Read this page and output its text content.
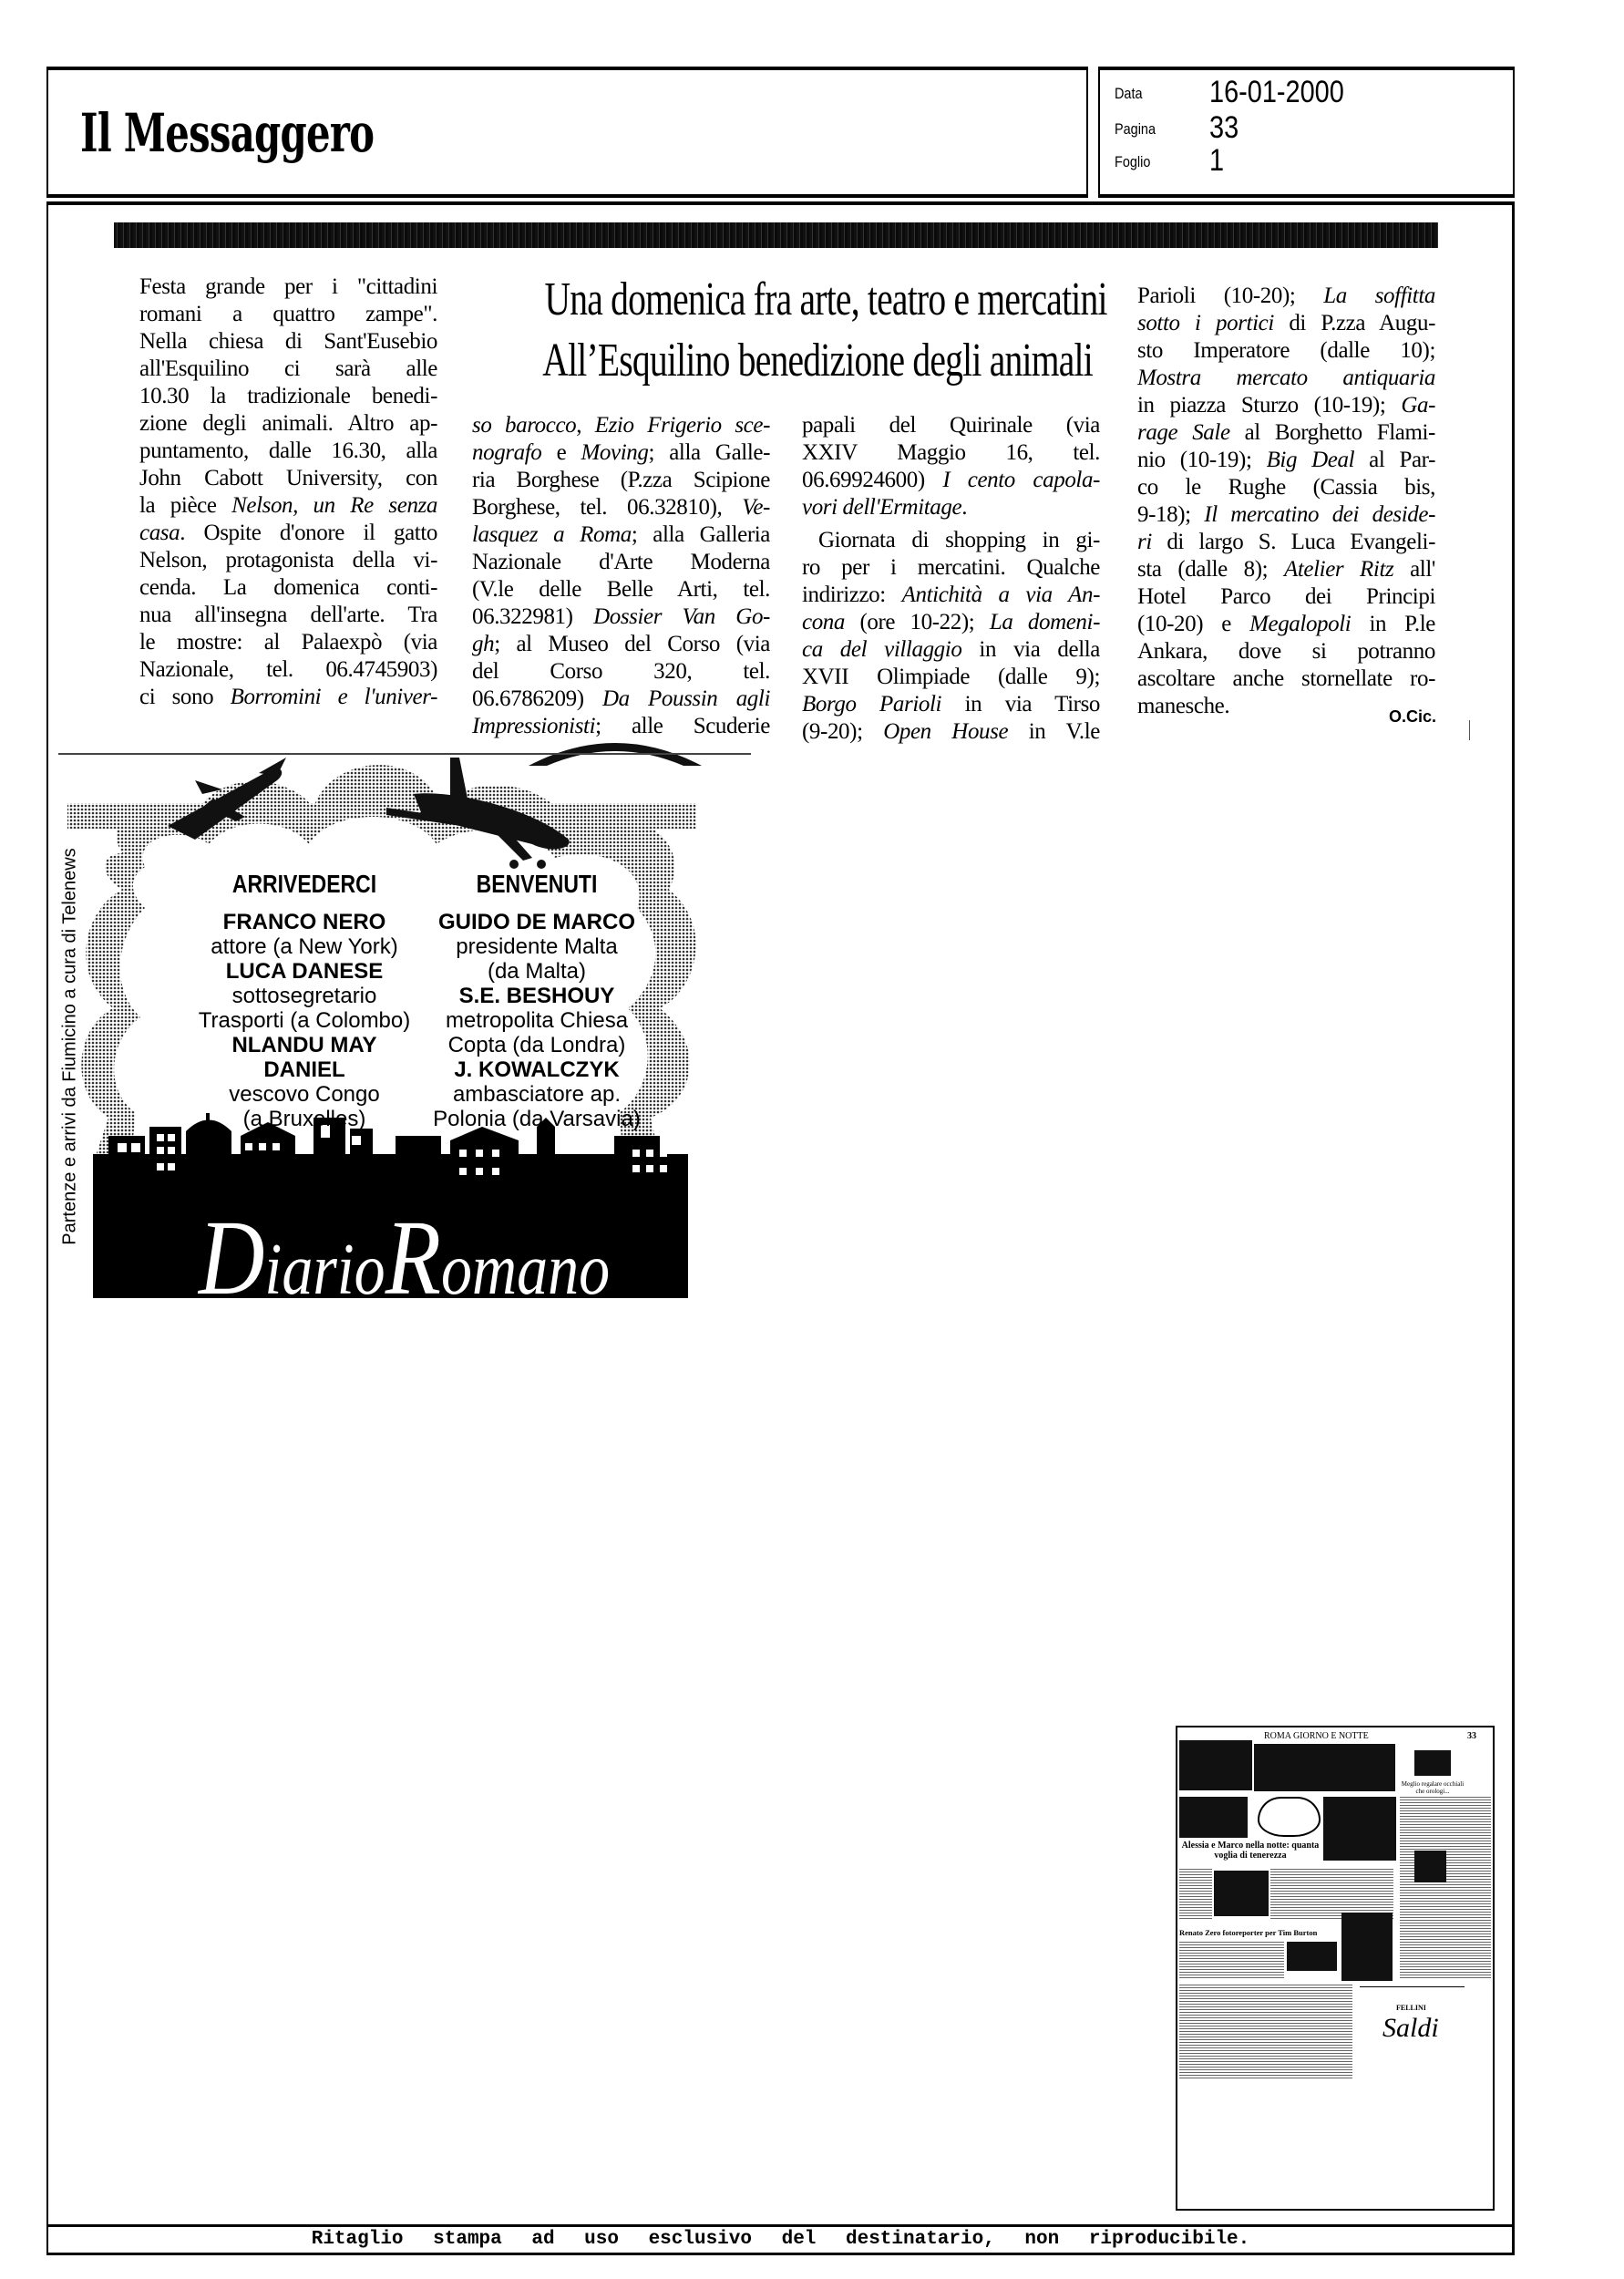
Il Messaggero
Data 16-01-2000
Pagina 33
Foglio 1
Una domenica fra arte, teatro e mercatini
All’Esquilino benedizione degli animali
Festa grande per i "cittadini
romani a quattro zampe".
Nella chiesa di Sant'Eusebio
all'Esquilino ci sarà alle
10.30 la tradizionale benedi-
zione degli animali. Altro ap-
puntamento, dalle 16.30, alla
John Cabott University, con
la pièce Nelson, un Re senza
casa. Ospite d'onore il gatto
Nelson, protagonista della vi-
cenda. La domenica conti-
nua all'insegna dell'arte. Tra
le mostre: al Palaexpò (via
Nazionale, tel. 06.4745903)
ci sono Borromini e l'univer-
so barocco, Ezio Frigerio sce-
nografo e Moving; alla Galle-
ria Borghese (P.zza Scipione
Borghese, tel. 06.32810), Ve-
lasquez a Roma; alla Galleria
Nazionale d'Arte Moderna
(V.le delle Belle Arti, tel.
06.322981) Dossier Van Go-
gh; al Museo del Corso (via
del Corso 320, tel.
06.6786209) Da Poussin agli
Impressionisti; alle Scuderie
papali del Quirinale (via
XXIV Maggio 16, tel.
06.69924600) I cento capola-
vori dell'Ermitage.
Giornata di shopping in gi-
ro per i mercatini. Qualche
indirizzo: Antichità a via An-
cona (ore 10-22); La domeni-
ca del villaggio in via della
XVII Olimpiade (dalle 9);
Borgo Parioli in via Tirso
(9-20); Open House in V.le
Parioli (10-20); La soffitta
sotto i portici di P.zza Augu-
sto Imperatore (dalle 10);
Mostra mercato antiquaria
in piazza Sturzo (10-19); Ga-
rage Sale al Borghetto Flami-
nio (10-19); Big Deal al Par-
co le Rughe (Cassia bis,
9-18); Il mercatino dei deside-
ri di largo S. Luca Evangeli-
sta (dalle 8); Atelier Ritz all'
Hotel Parco dei Principi
(10-20) e Megalopoli in P.le
Ankara, dove si potranno
ascoltare anche stornellate ro-
manesche.	O.Cic.
ARRIVEDERCI
FRANCO NERO
attore (a New York)
LUCA DANESE
sottosegretario
Trasporti (a Colombo)
NLANDU MAY
DANIEL
vescovo Congo
(a Bruxelles)
BENVENUTI
GUIDO DE MARCO
presidente Malta
(da Malta)
S.E. BESHOUY
metropolita Chiesa
Copta (da Londra)
J. KOWALCZYK
ambasciatore ap.
Polonia (da Varsavia)
DiarioRomano
Partenze e arrivi da Fiumicino a cura di Telenews
ROMA GIORNO E NOTTE	33
Meglio regalare occhiali che orologi...
Alessia e Marco nella notte: quanta voglia di tenerezza
Renato Zero fotoreporter per Tim Burton
FELLINI
Saldi
Ritaglio stampa ad uso esclusivo del destinatario, non riproducibile.
